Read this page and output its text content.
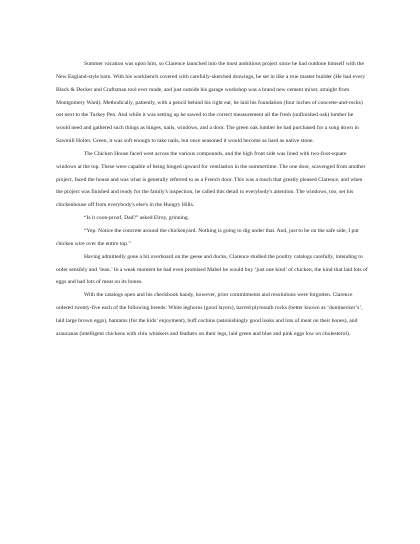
Summer vacation was upon him, so Clarence launched into the most ambitious project since he had outdone himself with the New England-style barn. With his workbench covered with carefully-sketched drawings, he set in like a true master builder (He had every Black & Decker and Craftsman tool ever made, and just outside his garage workshop was a brand new cement mixer, straight from Montgomery Ward). Methodically, patiently, with a pencil behind his right ear, he laid his foundation (four inches of concrete-and-rocks) out next to the Turkey Pen. And while it was setting up he sawed to the correct measurement all the fresh (unfinished oak) lumber he would need and gathered such things as hinges, nails, windows, and a door. The green oak lumber he had purchased for a song down in Sawmill Holler. Green, it was soft enough to take nails, but once seasoned it would become as hard as native stone.

The Chicken House faced west across the various compounds, and the high front side was lined with two-foot-square windows at the top. These were capable of being hinged upward for ventilation in the summertime. The one door, scavenged from another project, faced the house and was what is generally referred to as a French door. This was a touch that greatly pleased Clarence, and when the project was finished and ready for the family's inspection, he called this detail to everybody's attention. The windows, too, set his chickenhouse off from everybody's else's in the Hungry Hills.

“Is it coon-proof, Dad?” asked Elroy, grinning.

“Yep. Notice the concrete around the chickenyard. Nothing is going to dig under that. And, just to be on the safe side, I put chicken wire over the entire top.”

Having admittedly gone a bit overboard on the geese and ducks, Clarence studied the poultry catalogs carefully, intending to order sensibly and ‘lean.’ In a weak moment he had even promised Mabel he would buy ‘just one kind’ of chicken, the kind that laid lots of eggs and had lots of meat on its bones.

With the catalogs open and his checkbook handy, however, prior commitments and resolutions were forgotten. Clarence ordered twenty-five each of the following breeds: White leghorns (good layers), barred plymouth rocks (better known as ‘dominecker’s’, laid large brown eggs), bantams (for the kids’ enjoyment), buff cochins (astonishingly good looks and lots of meat on their bones), and araucanas (intelligent chickens with chin whiskers and feathers on their legs, laid green and blue and pink eggs low on cholesterol).
